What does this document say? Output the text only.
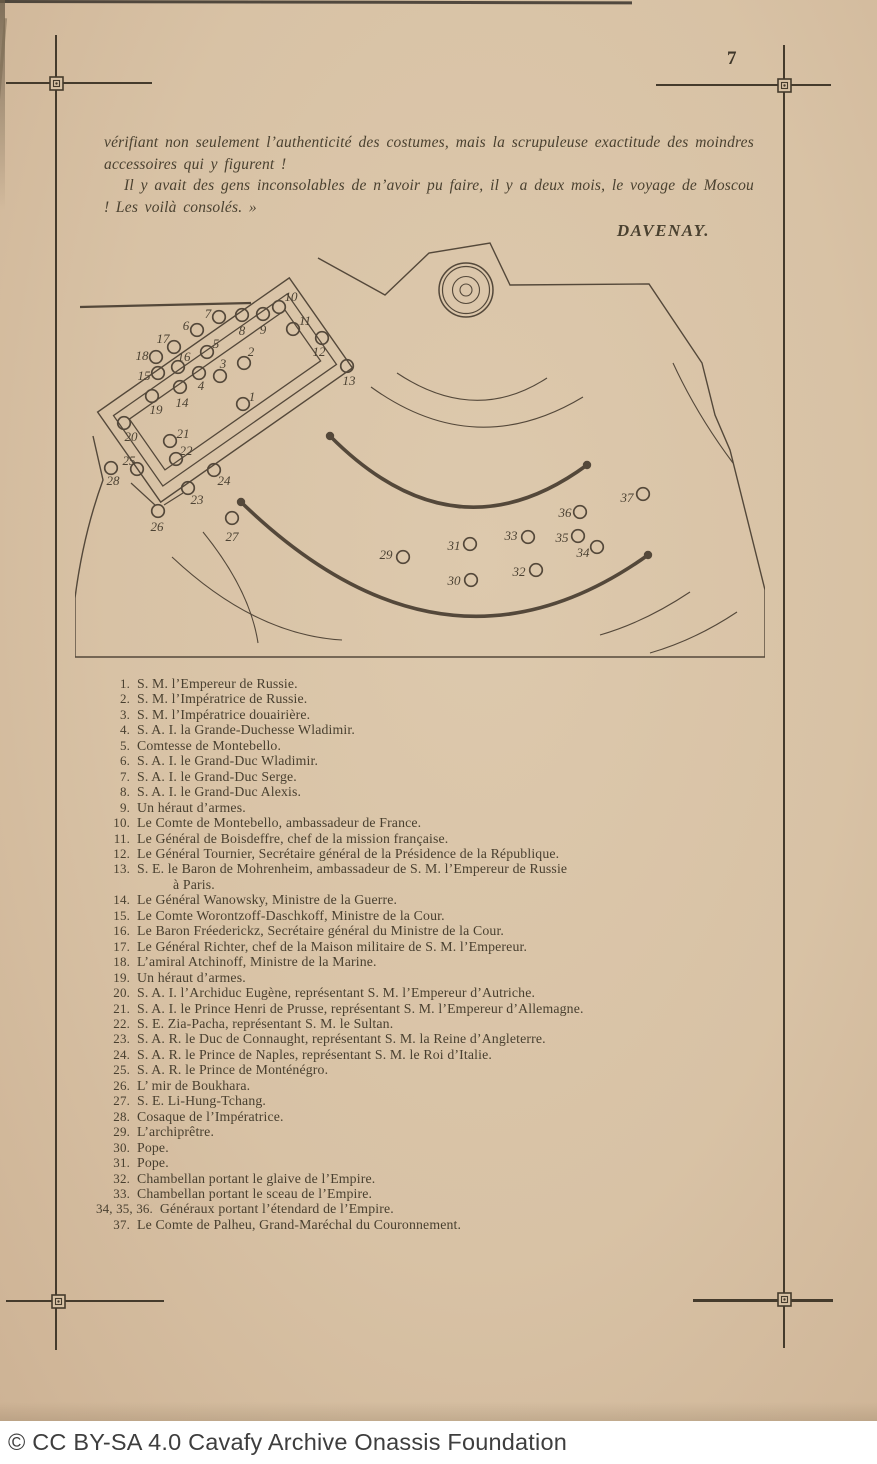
7

vérifiant non seulement l’authenticité des costumes, mais la scrupuleuse exactitude des moindres accessoires qui y figurent !

Il y avait des gens inconsolables de n’avoir pu faire, il y a deux mois, le voyage de Moscou ! Les voilà consolés. »

DAVENAY.
1
2
3
4
5
6
7
8 9
10
11
12
13
14
15
16
17
18
19
20	21
22
23
24
25
26
27
28
29
30
31
32
33
34
35
36
37
1. S. M. l’Empereur de Russie.
2. S. M. l’Impératrice de Russie.
3. S. M. l’Impératrice douairière.
4. S. A. I. la Grande-Duchesse Wladimir.
5. Comtesse de Montebello.
6. S. A. I. le Grand-Duc Wladimir.
7. S. A. I. le Grand-Duc Serge.
8. S. A. I. le Grand-Duc Alexis.
9. Un héraut d’armes.
10. Le Comte de Montebello, ambassadeur de France.
11. Le Général de Boisdeffre, chef de la mission française.
12. Le Général Tournier, Secrétaire général de la Présidence de la République.
13. S. E. le Baron de Mohrenheim, ambassadeur de S. M. l’Empereur de Russie
à Paris.
14. Le Général Wanowsky, Ministre de la Guerre.
15. Le Comte Worontzoff-Daschkoff, Ministre de la Cour.
16. Le Baron Fréederickz, Secrétaire général du Ministre de la Cour.
17. Le Général Richter, chef de la Maison militaire de S. M. l’Empereur.
18. L’amiral Atchinoff, Ministre de la Marine.
19. Un héraut d’armes.
20. S. A. I. l’Archiduc Eugène, représentant S. M. l’Empereur d’Autriche.
21. S. A. I. le Prince Henri de Prusse, représentant S. M. l’Empereur d’Allemagne.
22. S. E. Zia-Pacha, représentant S. M. le Sultan.
23. S. A. R. le Duc de Connaught, représentant S. M. la Reine d’Angleterre.
24. S. A. R. le Prince de Naples, représentant S. M. le Roi d’Italie.
25. S. A. R. le Prince de Monténégro.
26. L’ mir de Boukhara.
27. S. E. Li-Hung-Tchang.
28. Cosaque de l’Impératrice.
29. L’archiprêtre.
30. Pope.
31. Pope.
32. Chambellan portant le glaive de l’Empire.
33. Chambellan portant le sceau de l’Empire.
34, 35, 36. Généraux portant l’étendard de l’Empire.
37. Le Comte de Palheu, Grand-Maréchal du Couronnement.
© CC BY-SA 4.0 Cavafy Archive Onassis Foundation
